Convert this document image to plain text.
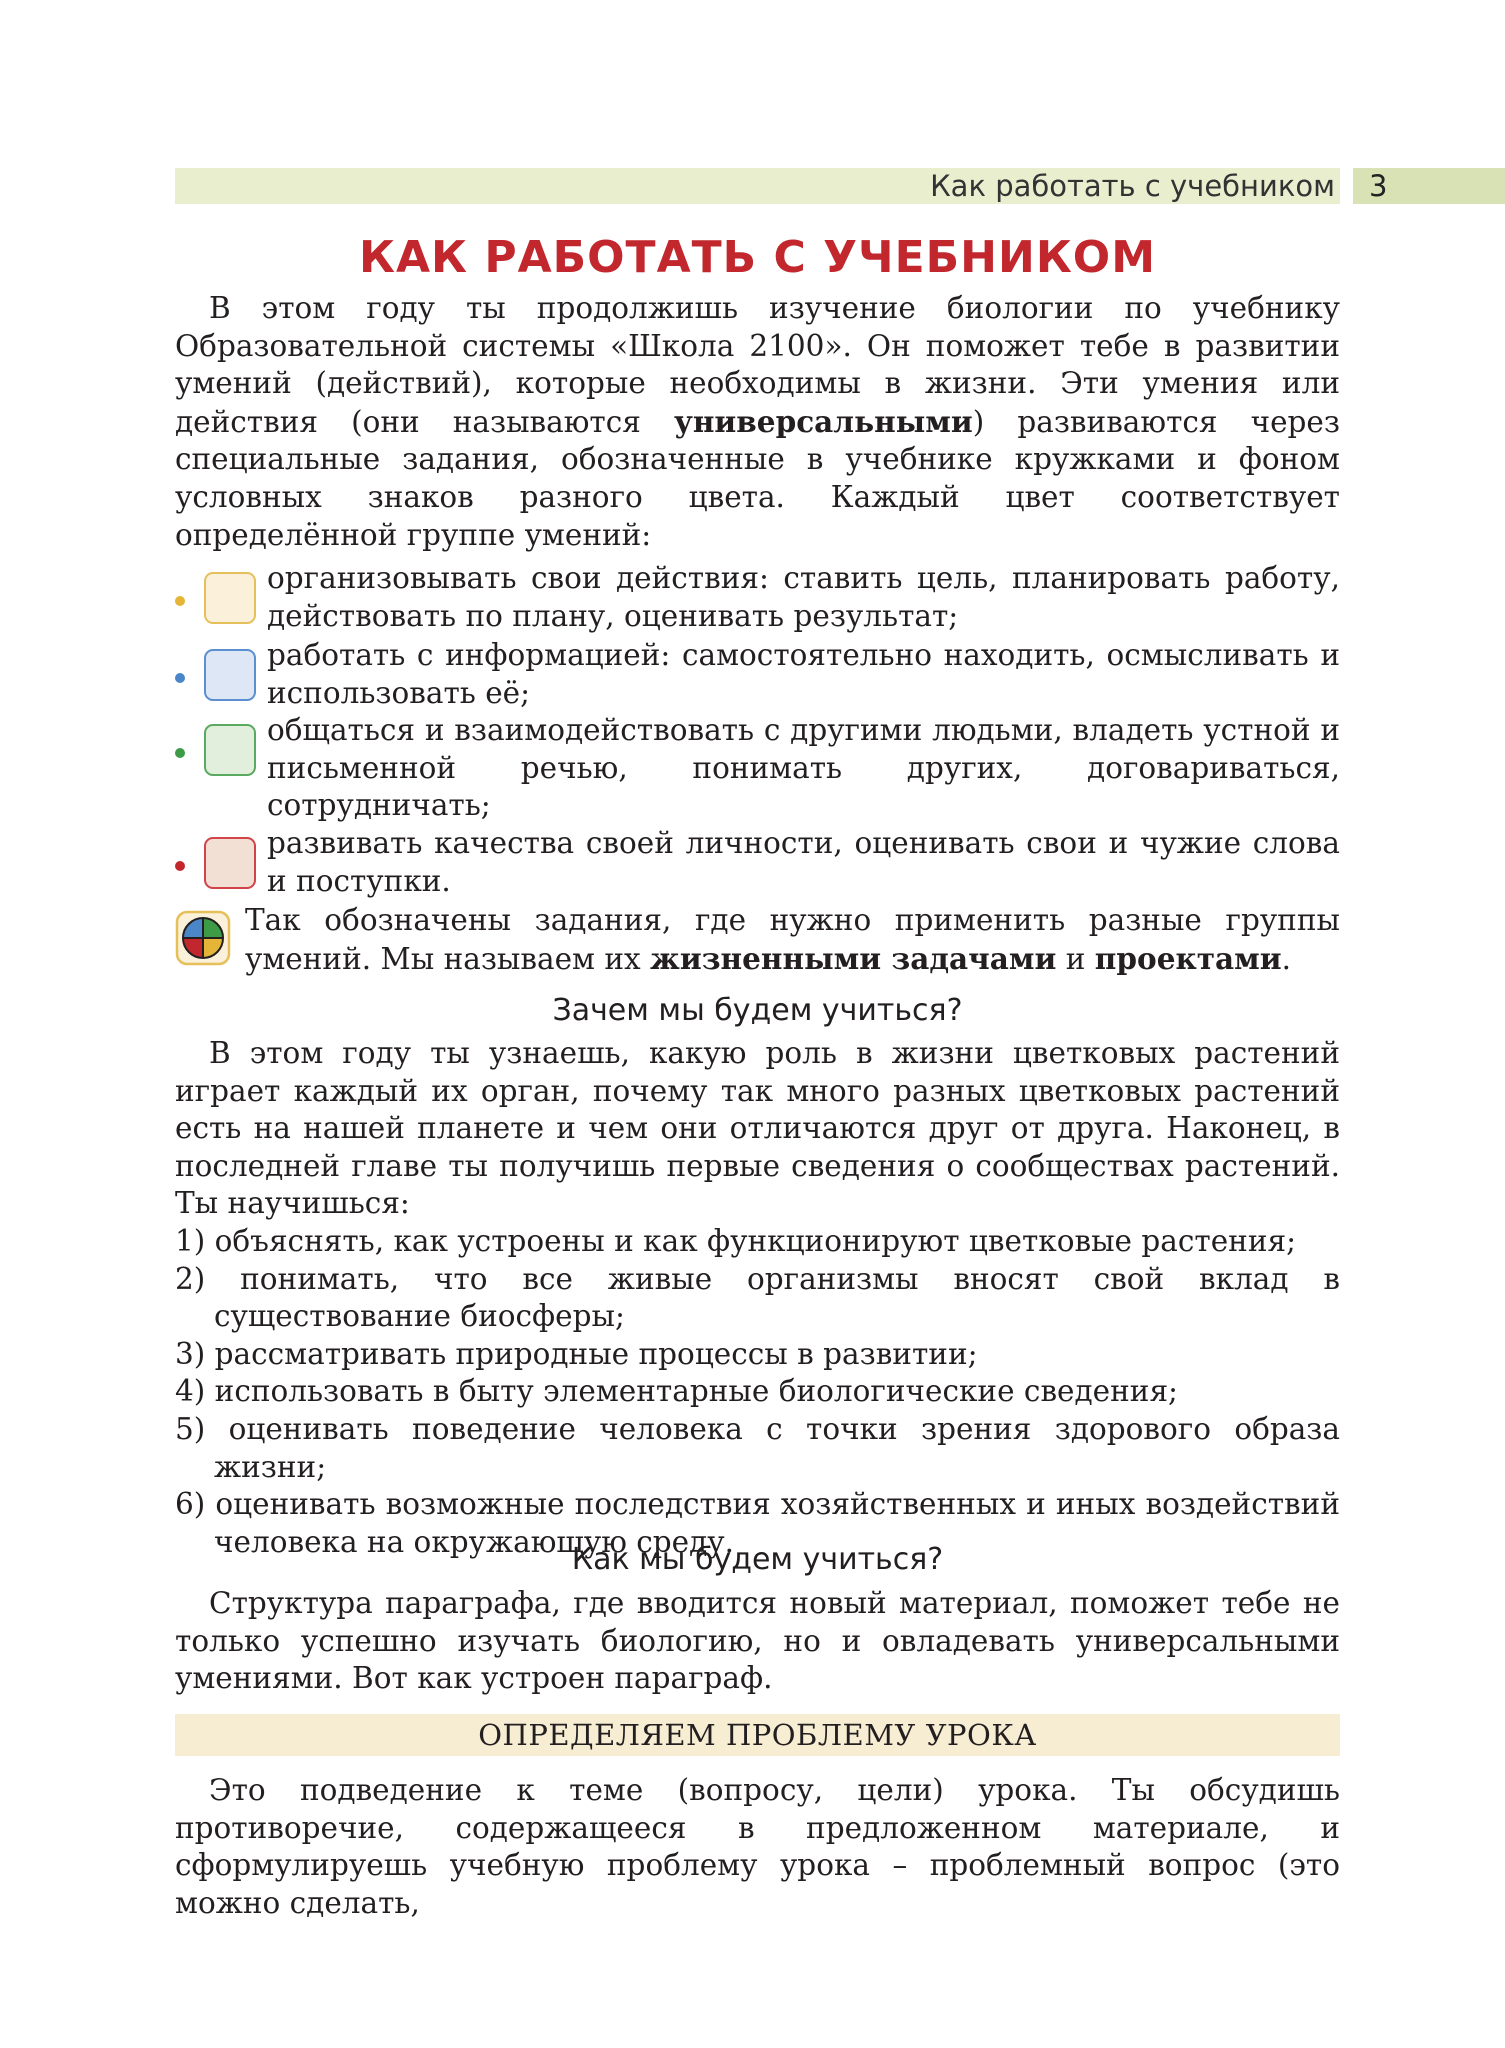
Как работать с учебником 3
КАК РАБОТАТЬ С УЧЕБНИКОМ

В этом году ты продолжишь изучение биологии по учебнику Образовательной системы «Школа 2100». Он поможет тебе в развитии умений (действий), которые необходимы в жизни. Эти умения или действия (они называются универсальными) развиваются через специальные задания, обозначенные в учебнике кружками и фоном условных знаков разного цвета. Каждый цвет соответствует определённой группе умений:

организовывать свои действия: ставить цель, планировать работу, действовать по плану, оценивать результат;

работать с информацией: самостоятельно находить, осмысливать и использовать её;

общаться и взаимодействовать с другими людьми, владеть устной и письменной речью, понимать других, договариваться, сотрудничать;

развивать качества своей личности, оценивать свои и чужие слова и поступки.

Так обозначены задания, где нужно применить разные группы умений. Мы называем их жизненными задачами и проектами.

Зачем мы будем учиться?

В этом году ты узнаешь, какую роль в жизни цветковых растений играет каждый их орган, почему так много разных цветковых растений есть на нашей планете и чем они отличаются друг от друга. Наконец, в последней главе ты получишь первые сведения о сообществах растений. Ты научишься:

1) объяснять, как устроены и как функционируют цветковые растения;

2) понимать, что все живые организмы вносят свой вклад в существование биосферы;

3) рассматривать природные процессы в развитии;

4) использовать в быту элементарные биологические сведения;

5) оценивать поведение человека с точки зрения здорового образа жизни;

6) оценивать возможные последствия хозяйственных и иных воздействий человека на окружающую среду.

Как мы будем учиться?

Структура параграфа, где вводится новый материал, поможет тебе не только успешно изучать биологию, но и овладевать универсальными умениями. Вот как устроен параграф.

ОПРЕДЕЛЯЕМ ПРОБЛЕМУ УРОКА

Это подведение к теме (вопросу, цели) урока. Ты обсудишь противоречие, содержащееся в предложенном материале, и сформулируешь учебную проблему урока – проблемный вопрос (это можно сделать,
